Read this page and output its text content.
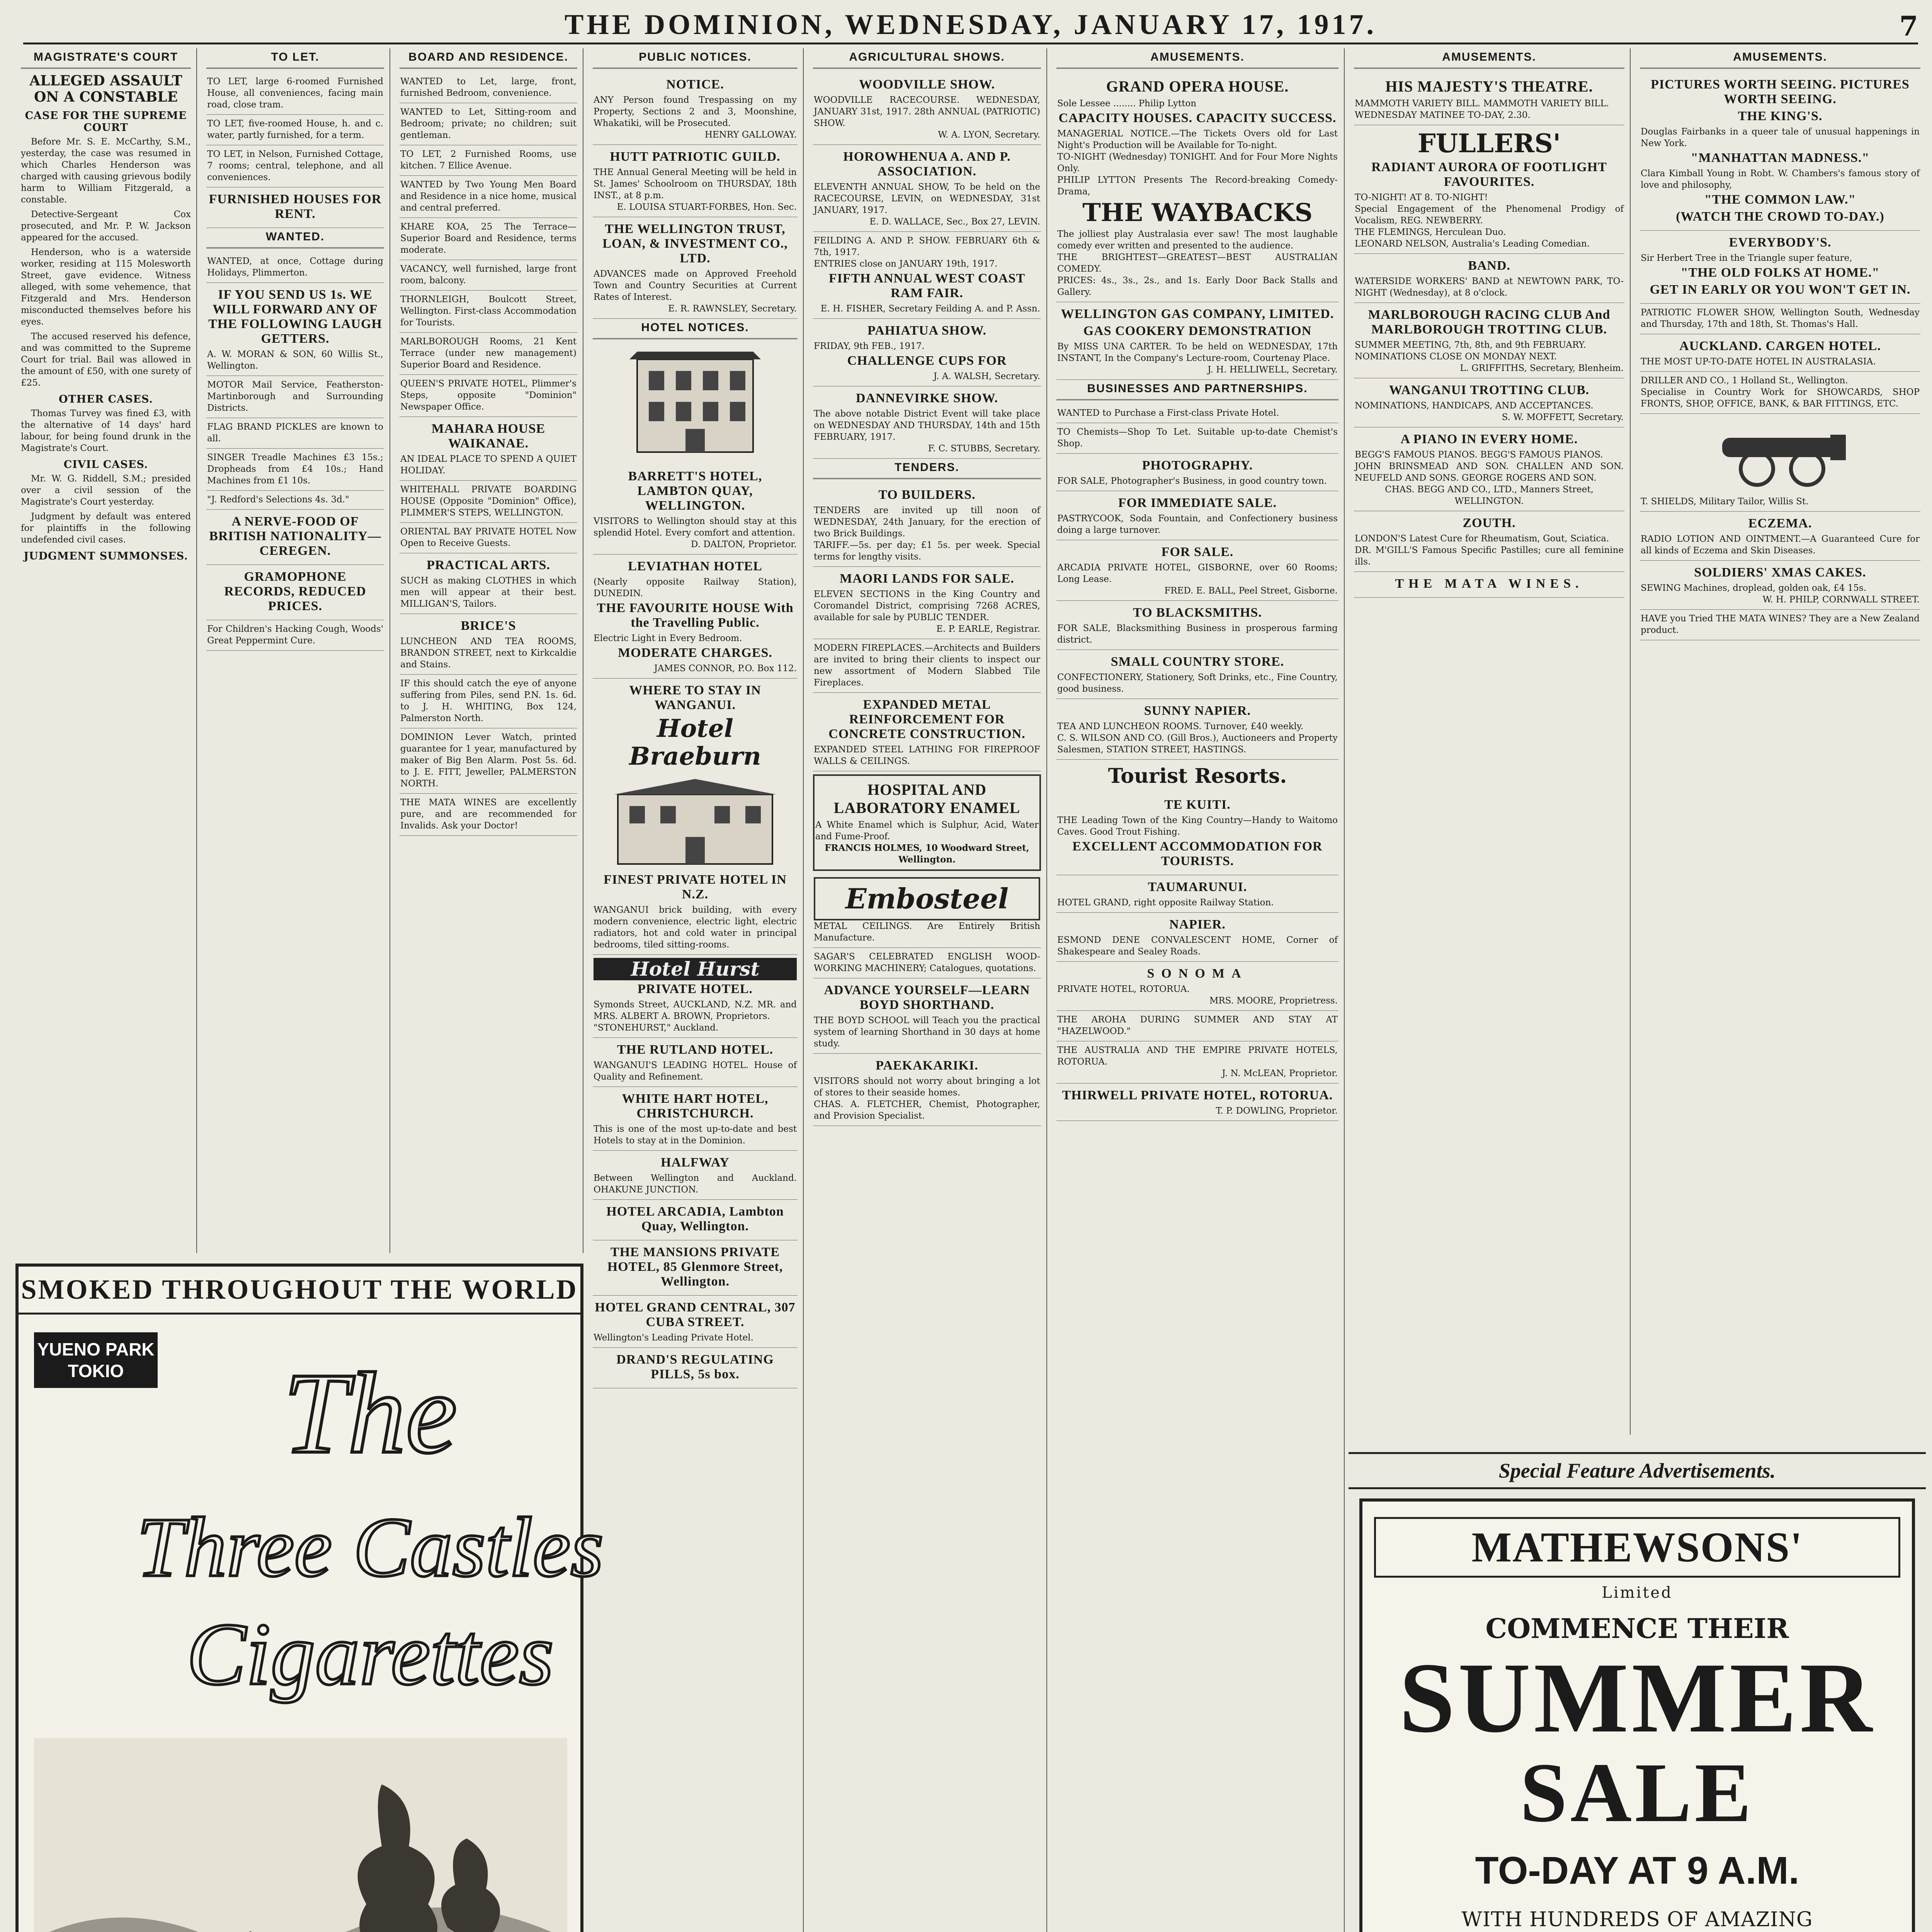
THE DOMINION, WEDNESDAY, JANUARY 17, 1917.	7
MAGISTRATE'S COURT
ALLEGED ASSAULT ON A CONSTABLE
CASE FOR THE SUPREME COURT

Before Mr. S. E. McCarthy, S.M., yesterday, the case was resumed in which Charles Henderson was charged with causing grievous bodily harm to William Fitzgerald, a constable.

Detective-Sergeant Cox prosecuted, and Mr. P. W. Jackson appeared for the accused.

Henderson, who is a waterside worker, residing at 115 Molesworth Street, gave evidence. Witness alleged, with some vehemence, that Fitzgerald and Mrs. Henderson misconducted themselves before his eyes.

The accused reserved his defence, and was committed to the Supreme Court for trial. Bail was allowed in the amount of £50, with one surety of £25.

OTHER CASES.

Thomas Turvey was fined £3, with the alternative of 14 days' hard labour, for being found drunk in the Magistrate's Court.

CIVIL CASES.

Mr. W. G. Riddell, S.M.; presided over a civil session of the Magistrate's Court yesterday.

Judgment by default was entered for plaintiffs in the following undefended civil cases.

JUDGMENT SUMMONSES.
TO LET.

TO LET, large 6-roomed Furnished House, all conveniences, facing main road, close tram.

TO LET, five-roomed House, h. and c. water, partly furnished, for a term.

TO LET, in Nelson, Furnished Cottage, 7 rooms; central, telephone, and all conveniences.

FURNISHED HOUSES FOR RENT.
WANTED.

WANTED, at once, Cottage during Holidays, Plimmerton.

IF YOU SEND US 1s. WE WILL FORWARD ANY OF THE FOLLOWING LAUGH GETTERS.

A. W. MORAN & SON, 60 Willis St., Wellington.

MOTOR Mail Service, Featherston-Martinborough and Surrounding Districts.

FLAG BRAND PICKLES are known to all.

SINGER Treadle Machines £3 15s.; Dropheads from £4 10s.; Hand Machines from £1 10s.

"J. Redford's Selections 4s. 3d."

A NERVE-FOOD OF BRITISH NATIONALITY—CEREGEN.
GRAMOPHONE RECORDS, REDUCED PRICES.

For Children's Hacking Cough, Woods' Great Peppermint Cure.

BOARD AND RESIDENCE.

WANTED to Let, large, front, furnished Bedroom, convenience.

WANTED to Let, Sitting-room and Bedroom; private; no children; suit gentleman.

TO LET, 2 Furnished Rooms, use kitchen. 7 Ellice Avenue.

WANTED by Two Young Men Board and Residence in a nice home, musical and central preferred.

KHARE KOA, 25 The Terrace—Superior Board and Residence, terms moderate.

VACANCY, well furnished, large front room, balcony.

THORNLEIGH, Boulcott Street, Wellington. First-class Accommodation for Tourists.

MARLBOROUGH Rooms, 21 Kent Terrace (under new management) Superior Board and Residence.

QUEEN'S PRIVATE HOTEL, Plimmer's Steps, opposite "Dominion" Newspaper Office.

MAHARA HOUSE WAIKANAE.

AN IDEAL PLACE TO SPEND A QUIET HOLIDAY.

WHITEHALL PRIVATE BOARDING HOUSE (Opposite "Dominion" Office), PLIMMER'S STEPS, WELLINGTON.

ORIENTAL BAY PRIVATE HOTEL Now Open to Receive Guests.

PRACTICAL ARTS.

SUCH as making CLOTHES in which men will appear at their best. MILLIGAN'S, Tailors.

BRICE'S

LUNCHEON AND TEA ROOMS, BRANDON STREET, next to Kirkcaldie and Stains.

IF this should catch the eye of anyone suffering from Piles, send P.N. 1s. 6d. to J. H. WHITING, Box 124, Palmerston North.

DOMINION Lever Watch, printed guarantee for 1 year, manufactured by maker of Big Ben Alarm. Post 5s. 6d. to J. E. FITT, Jeweller, PALMERSTON NORTH.

THE MATA WINES are excellently pure, and are recommended for Invalids. Ask your Doctor!

SMOKED THROUGHOUT THE WORLD
YUENO PARK TOKIO The
Three Castles
Cigarettes
PUBLIC NOTICES.
NOTICE.

ANY Person found Trespassing on my Property, Sections 2 and 3, Moonshine, Whakatiki, will be Prosecuted.

HENRY GALLOWAY.

HUTT PATRIOTIC GUILD.

THE Annual General Meeting will be held in St. James' Schoolroom on THURSDAY, 18th INST., at 8 p.m.

E. LOUISA STUART-FORBES, Hon. Sec.

THE WELLINGTON TRUST, LOAN, & INVESTMENT CO., LTD.

ADVANCES made on Approved Freehold Town and Country Securities at Current Rates of Interest.

E. R. RAWNSLEY, Secretary.

HOTEL NOTICES.
BARRETT'S HOTEL, LAMBTON QUAY, WELLINGTON.

VISITORS to Wellington should stay at this splendid Hotel. Every comfort and attention.

D. DALTON, Proprietor.

LEVIATHAN HOTEL

(Nearly opposite Railway Station), DUNEDIN.

THE FAVOURITE HOUSE With the Travelling Public.

Electric Light in Every Bedroom.

MODERATE CHARGES.

JAMES CONNOR, P.O. Box 112.

WHERE TO STAY IN WANGANUI.

Hotel Braeburn

FINEST PRIVATE HOTEL IN N.Z.

WANGANUI brick building, with every modern convenience, electric light, electric radiators, hot and cold water in principal bedrooms, tiled sitting-rooms.

Hotel Hurst

PRIVATE HOTEL.

Symonds Street, AUCKLAND, N.Z. MR. and MRS. ALBERT A. BROWN, Proprietors.

"STONEHURST," Auckland.

THE RUTLAND HOTEL.

WANGANUI'S LEADING HOTEL. House of Quality and Refinement.

WHITE HART HOTEL, CHRISTCHURCH.

This is one of the most up-to-date and best Hotels to stay at in the Dominion.

HALFWAY

Between Wellington and Auckland. OHAKUNE JUNCTION.

HOTEL ARCADIA, Lambton Quay, Wellington.
THE MANSIONS PRIVATE HOTEL, 85 Glenmore Street, Wellington.
HOTEL GRAND CENTRAL, 307 CUBA STREET.

Wellington's Leading Private Hotel.

DRAND'S REGULATING PILLS, 5s box.
AGRICULTURAL SHOWS.
WOODVILLE SHOW.

WOODVILLE RACECOURSE. WEDNESDAY, JANUARY 31st, 1917. 28th ANNUAL (PATRIOTIC) SHOW.

W. A. LYON, Secretary.

HOROWHENUA A. AND P. ASSOCIATION.

ELEVENTH ANNUAL SHOW, To be held on the RACECOURSE, LEVIN, on WEDNESDAY, 31st JANUARY, 1917.

E. D. WALLACE, Sec., Box 27, LEVIN.

FEILDING A. AND P. SHOW. FEBRUARY 6th & 7th, 1917.

ENTRIES close on JANUARY 19th, 1917.

FIFTH ANNUAL WEST COAST RAM FAIR.

E. H. FISHER, Secretary Feilding A. and P. Assn.

PAHIATUA SHOW.

FRIDAY, 9th FEB., 1917.

CHALLENGE CUPS FOR

J. A. WALSH, Secretary.

DANNEVIRKE SHOW.

The above notable District Event will take place on WEDNESDAY AND THURSDAY, 14th and 15th FEBRUARY, 1917.

F. C. STUBBS, Secretary.

TENDERS.
TO BUILDERS.

TENDERS are invited up till noon of WEDNESDAY, 24th January, for the erection of two Brick Buildings.

TARIFF.—5s. per day; £1 5s. per week. Special terms for lengthy visits.

MAORI LANDS FOR SALE.

ELEVEN SECTIONS in the King Country and Coromandel District, comprising 7268 ACRES, available for sale by PUBLIC TENDER.

E. P. EARLE, Registrar.

MODERN FIREPLACES.—Architects and Builders are invited to bring their clients to inspect our new assortment of Modern Slabbed Tile Fireplaces.

EXPANDED METAL REINFORCEMENT FOR CONCRETE CONSTRUCTION.

EXPANDED STEEL LATHING FOR FIREPROOF WALLS & CEILINGS.

HOSPITAL AND LABORATORY ENAMEL

A White Enamel which is Sulphur, Acid, Water and Fume-Proof.

FRANCIS HOLMES, 10 Woodward Street, Wellington.

Embosteel

METAL CEILINGS. Are Entirely British Manufacture.

SAGAR'S CELEBRATED ENGLISH WOOD-WORKING MACHINERY; Catalogues, quotations.

ADVANCE YOURSELF—LEARN BOYD SHORTHAND.

THE BOYD SCHOOL will Teach you the practical system of learning Shorthand in 30 days at home study.

PAEKAKARIKI.

VISITORS should not worry about bringing a lot of stores to their seaside homes.

CHAS. A. FLETCHER, Chemist, Photographer, and Provision Specialist.

AMUSEMENTS.
GRAND OPERA HOUSE.

Sole Lessee ........ Philip Lytton

CAPACITY HOUSES. CAPACITY SUCCESS.

MANAGERIAL NOTICE.—The Tickets Overs old for Last Night's Production will be Available for To-night.

TO-NIGHT (Wednesday) TONIGHT. And for Four More Nights Only.

PHILIP LYTTON Presents The Record-breaking Comedy-Drama,

THE WAYBACKS

The jolliest play Australasia ever saw! The most laughable comedy ever written and presented to the audience.

THE BRIGHTEST—GREATEST—BEST AUSTRALIAN COMEDY.

PRICES: 4s., 3s., 2s., and 1s. Early Door Back Stalls and Gallery.

WELLINGTON GAS COMPANY, LIMITED.
GAS COOKERY DEMONSTRATION

By MISS UNA CARTER. To be held on WEDNESDAY, 17th INSTANT, In the Company's Lecture-room, Courtenay Place.

J. H. HELLIWELL, Secretary.

BUSINESSES AND PARTNERSHIPS.

WANTED to Purchase a First-class Private Hotel.

TO Chemists—Shop To Let. Suitable up-to-date Chemist's Shop.

PHOTOGRAPHY.

FOR SALE, Photographer's Business, in good country town.

FOR IMMEDIATE SALE.

PASTRYCOOK, Soda Fountain, and Confectionery business doing a large turnover.

FOR SALE.

ARCADIA PRIVATE HOTEL, GISBORNE, over 60 Rooms; Long Lease.

FRED. E. BALL, Peel Street, Gisborne.

TO BLACKSMITHS.

FOR SALE, Blacksmithing Business in prosperous farming district.

SMALL COUNTRY STORE.

CONFECTIONERY, Stationery, Soft Drinks, etc., Fine Country, good business.

SUNNY NAPIER.

TEA AND LUNCHEON ROOMS. Turnover, £40 weekly.

C. S. WILSON AND CO. (Gill Bros.), Auctioneers and Property Salesmen, STATION STREET, HASTINGS.

Tourist Resorts.

TE KUITI.

THE Leading Town of the King Country—Handy to Waitomo Caves. Good Trout Fishing.

EXCELLENT ACCOMMODATION FOR TOURISTS.
TAUMARUNUI.

HOTEL GRAND, right opposite Railway Station.

NAPIER.

ESMOND DENE CONVALESCENT HOME, Corner of Shakespeare and Sealey Roads.

SONOMA

PRIVATE HOTEL, ROTORUA.

MRS. MOORE, Proprietress.

THE AROHA DURING SUMMER AND STAY AT "HAZELWOOD."

THE AUSTRALIA AND THE EMPIRE PRIVATE HOTELS, ROTORUA.

J. N. McLEAN, Proprietor.

THIRWELL PRIVATE HOTEL, ROTORUA.

T. P. DOWLING, Proprietor.

AMUSEMENTS.
HIS MAJESTY'S THEATRE.

MAMMOTH VARIETY BILL. MAMMOTH VARIETY BILL.

WEDNESDAY MATINEE TO-DAY, 2.30.

FULLERS'

RADIANT AURORA OF FOOTLIGHT FAVOURITES.

TO-NIGHT! AT 8. TO-NIGHT!

Special Engagement of the Phenomenal Prodigy of Vocalism, REG. NEWBERRY.

THE FLEMINGS, Herculean Duo.

LEONARD NELSON, Australia's Leading Comedian.

BAND.

WATERSIDE WORKERS' BAND at NEWTOWN PARK, TO-NIGHT (Wednesday), at 8 o'clock.

MARLBOROUGH RACING CLUB And MARLBOROUGH TROTTING CLUB.

SUMMER MEETING, 7th, 8th, and 9th FEBRUARY.

NOMINATIONS CLOSE ON MONDAY NEXT.

L. GRIFFITHS, Secretary, Blenheim.

WANGANUI TROTTING CLUB.

NOMINATIONS, HANDICAPS, AND ACCEPTANCES.

S. W. MOFFETT, Secretary.

A PIANO IN EVERY HOME.

BEGG'S FAMOUS PIANOS. BEGG'S FAMOUS PIANOS.

JOHN BRINSMEAD AND SON. CHALLEN AND SON. NEUFELD AND SONS. GEORGE ROGERS AND SON.

CHAS. BEGG AND CO., LTD., Manners Street, WELLINGTON.

ZOUTH.

LONDON'S Latest Cure for Rheumatism, Gout, Sciatica.

DR. M'GILL'S Famous Specific Pastilles; cure all feminine ills.

THE MATA WINES.
AMUSEMENTS.
PICTURES WORTH SEEING. PICTURES WORTH SEEING.
THE KING'S.

Douglas Fairbanks in a queer tale of unusual happenings in New York.

"MANHATTAN MADNESS."

Clara Kimball Young in Robt. W. Chambers's famous story of love and philosophy,

"THE COMMON LAW."
(WATCH THE CROWD TO-DAY.)
EVERYBODY'S.

Sir Herbert Tree in the Triangle super feature,

"THE OLD FOLKS AT HOME."
GET IN EARLY OR YOU WON'T GET IN.

PATRIOTIC FLOWER SHOW, Wellington South, Wednesday and Thursday, 17th and 18th, St. Thomas's Hall.

AUCKLAND. CARGEN HOTEL.

THE MOST UP-TO-DATE HOTEL IN AUSTRALASIA.

DRILLER AND CO., 1 Holland St., Wellington.

Specialise in Country Work for SHOWCARDS, SHOP FRONTS, SHOP, OFFICE, BANK, & BAR FITTINGS, ETC.

T. SHIELDS, Military Tailor, Willis St.

ECZEMA.

RADIO LOTION AND OINTMENT.—A Guaranteed Cure for all kinds of Eczema and Skin Diseases.

SOLDIERS' XMAS CAKES.

SEWING Machines, droplead, golden oak, £4 15s.

W. H. PHILP, CORNWALL STREET.

HAVE you Tried THE MATA WINES? They are a New Zealand product.

Special Feature Advertisements.
MATHEWSONS'
Limited
COMMENCE THEIR
SUMMER
SALE
TO-DAY AT 9 A.M.
WITH HUNDREDS OF AMAZING
